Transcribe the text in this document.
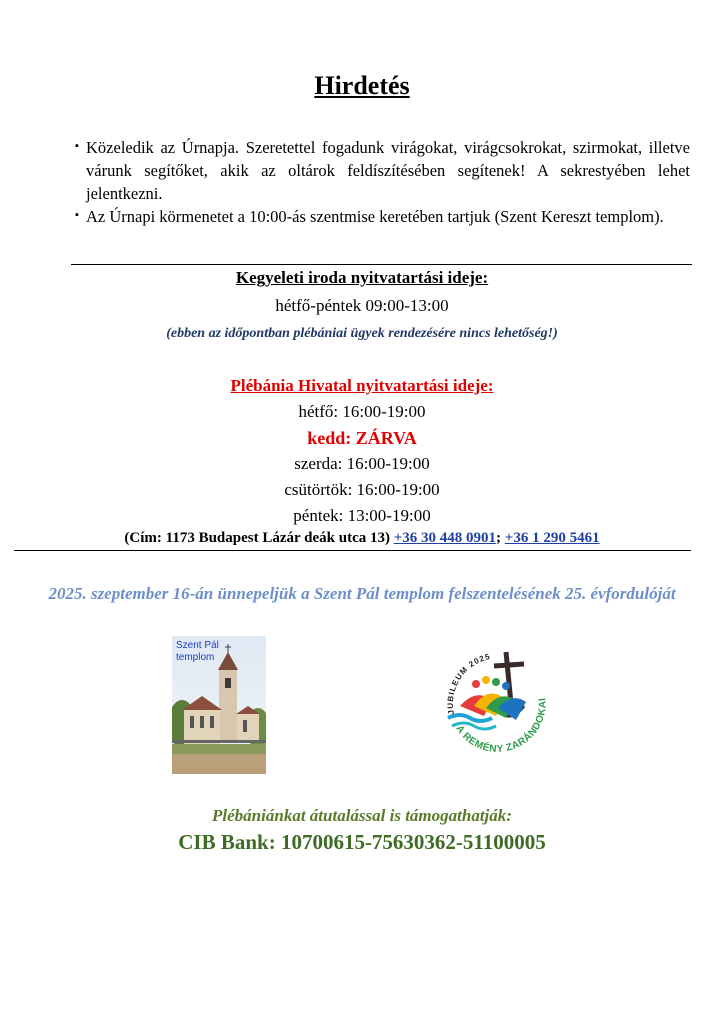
Hirdetés
▪ Közeledik az Úrnapja. Szeretettel fogadunk virágokat, virágcsokrokat, szirmokat, illetve várunk segítőket, akik az oltárok feldíszítésében segítenek! A sekrestyében lehet jelentkezni.
▪ Az Úrnapi körmenetet a 10:00-ás szentmise keretében tartjuk (Szent Kereszt templom).
Kegyeleti iroda nyitvatartási ideje:
hétfő-péntek 09:00-13:00
(ebben az időpontban plébániai ügyek rendezésére nincs lehetőség!)
Plébánia Hivatal nyitvatartási ideje:
hétfő: 16:00-19:00
kedd: ZÁRVA
szerda: 16:00-19:00
csütörtök: 16:00-19:00
péntek: 13:00-19:00
(Cím: 1173 Budapest Lázár deák utca 13) +36 30 448 0901; +36 1 290 5461
2025. szeptember 16-án ünnepeljük a Szent Pál templom felszentelésének 25. évfordulóját
Szent Pál
templom
JUBILEUM 2025
A REMÉNY ZARÁNDOKAI
Plébániánkat átutalással is támogathatják:
CIB Bank: 10700615-75630362-51100005
